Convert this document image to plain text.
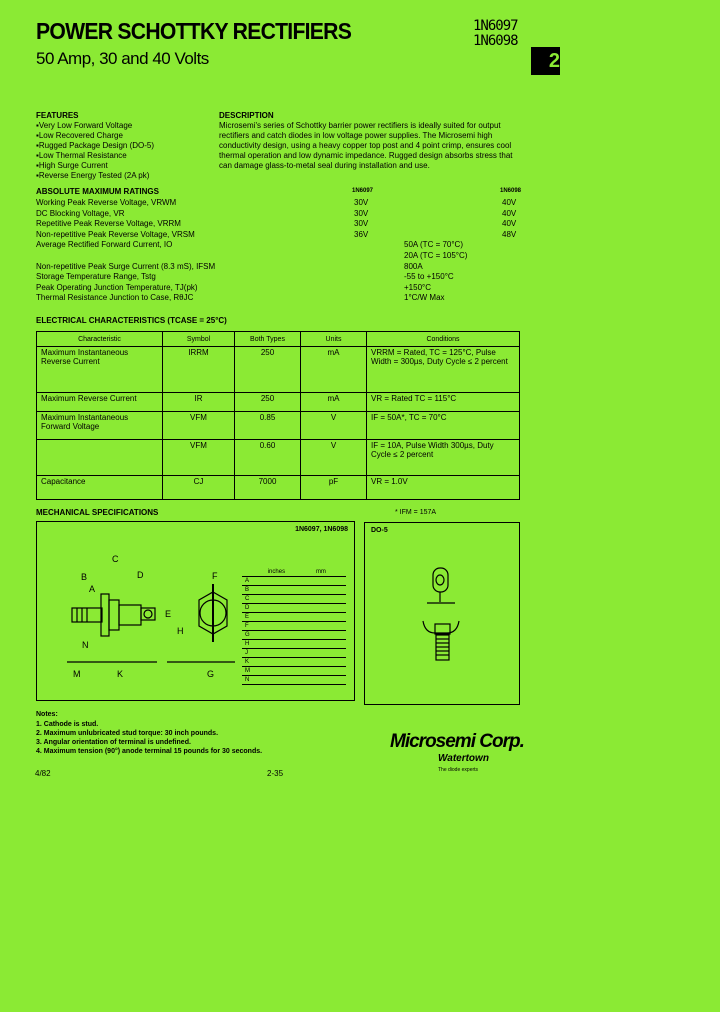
POWER SCHOTTKY RECTIFIERS
50 Amp, 30 and 40 Volts
1N6097
1N6098
2
FEATURES
▪ Very Low Forward Voltage
▪ Low Recovered Charge
▪ Rugged Package Design (DO-5)
▪ Low Thermal Resistance
▪ High Surge Current
▪ Reverse Energy Tested (2A pk)
DESCRIPTION
Microsemi's series of Schottky barrier power rectifiers is ideally suited for output
rectifiers and catch diodes in low voltage power supplies. The Microsemi high
conductivity design, using a heavy copper top post and 4 point crimp, ensures cool
thermal operation and low dynamic impedance. Rugged design absorbs stress that
can damage glass-to-metal seal during installation and use.
ABSOLUTE MAXIMUM RATINGS	1N6097	1N6098
Working Peak Reverse Voltage, VRWM	30V	40V
DC Blocking Voltage, VR	30V	40V
Repetitive Peak Reverse Voltage, VRRM	30V	40V
Non-repetitive Peak Reverse Voltage, VRSM	36V	48V
Average Rectified Forward Current, IO	50A (TC = 70°C)
20A (TC = 105°C)
Non-repetitive Peak Surge Current (8.3 mS), IFSM	800A
Storage Temperature Range, Tstg	-55 to +150°C
Peak Operating Junction Temperature, TJ(pk)	+150°C
Thermal Resistance Junction to Case, RθJC	1°C/W Max
ELECTRICAL CHARACTERISTICS (TCASE = 25°C)
Characteristic	Symbol	Both Types	Units	Conditions
Maximum Instantaneous Reverse Current	IRRM	250	mA	VRRM = Rated, TC = 125°C, Pulse Width = 300µs, Duty Cycle ≤ 2 percent
Maximum Reverse Current	IR	250	mA	VR = Rated TC = 115°C
Maximum Instantaneous Forward Voltage	VFM	0.85	V	IF = 50A*, TC = 70°C
	VFM	0.60	V	IF = 10A, Pulse Width 300µs, Duty Cycle ≤ 2 percent
Capacitance	CJ	7000	pF	VR = 1.0V
* IFM = 157A
MECHANICAL SPECIFICATIONS
1N6097, 1N6098
A
B
C
D
E
F
G
H
M
N
K
	inches	mm
A		
B		
C		
D		
E		
F		
G		
H		
J		
K		
M		
N		
DO-5
Notes:
1. Cathode is stud.
2. Maximum unlubricated stud torque: 30 inch pounds.
3. Angular orientation of terminal is undefined.
4. Maximum tension (90°) anode terminal 15 pounds for 30 seconds.
4/82	2-35
Microsemi Corp.
Watertown
The diode experts
